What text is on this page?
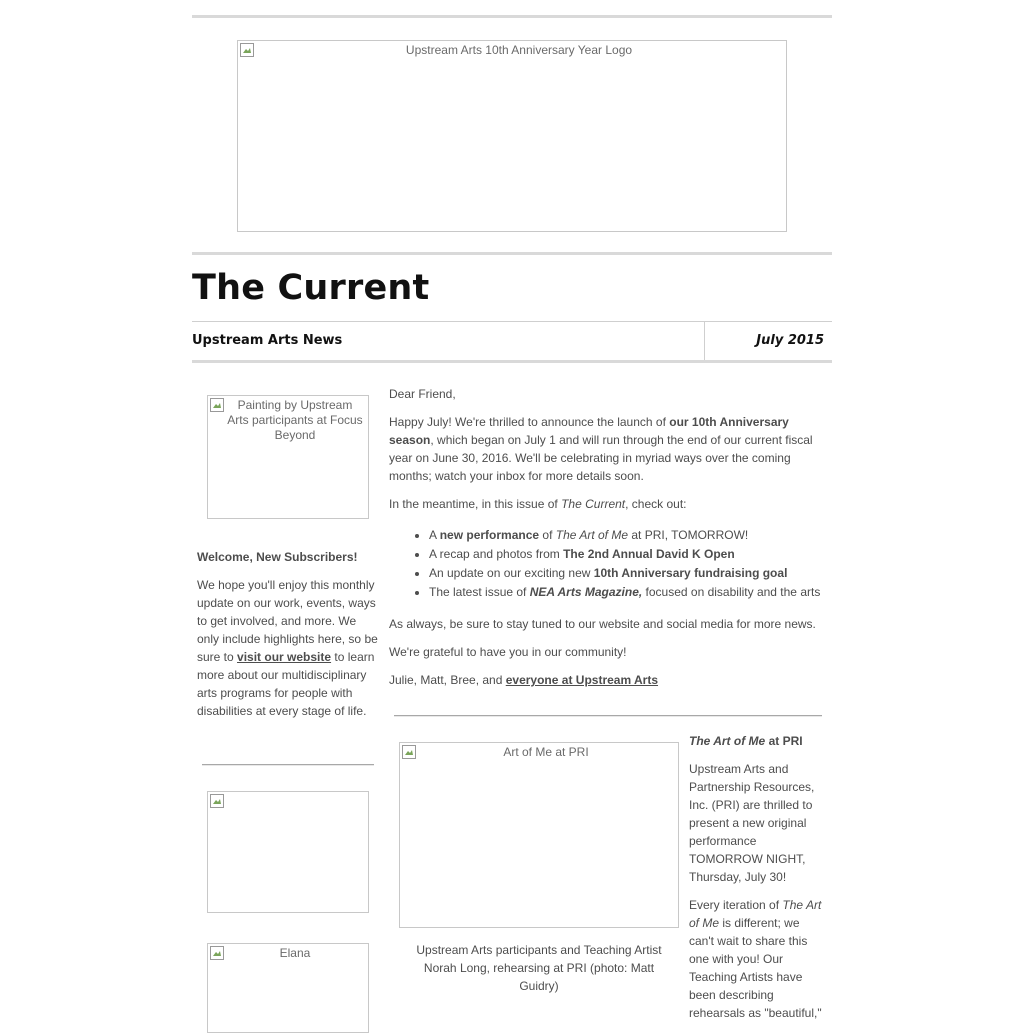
Upstream Arts 10th Anniversary Year Logo
The Current
Upstream Arts News	July 2015
Painting by Upstream Arts participants at Focus Beyond
Welcome, New Subscribers!

We hope you'll enjoy this monthly update on our work, events, ways to get involved, and more. We only include highlights here, so be sure to visit our website to learn more about our multidisciplinary arts programs for people with disabilities at every stage of life.

Elana

Dear Friend,

Happy July! We're thrilled to announce the launch of our 10th Anniversary season, which began on July 1 and will run through the end of our current fiscal year on June 30, 2016. We'll be celebrating in myriad ways over the coming months; watch your inbox for more details soon.

In the meantime, in this issue of The Current, check out:

• A new performance of The Art of Me at PRI, TOMORROW!
• A recap and photos from The 2nd Annual David K Open
• An update on our exciting new 10th Anniversary fundraising goal
• The latest issue of NEA Arts Magazine, focused on disability and the arts

As always, be sure to stay tuned to our website and social media for more news.

We're grateful to have you in our community!

Julie, Matt, Bree, and everyone at Upstream Arts

Art of Me at PRI
Upstream Arts participants and Teaching Artist Norah Long, rehearsing at PRI (photo: Matt Guidry)

The Art of Me at PRI

Upstream Arts and Partnership Resources, Inc. (PRI) are thrilled to present a new original performance TOMORROW NIGHT, Thursday, July 30!

Every iteration of The Art of Me is different; we can't wait to share this one with you! Our Teaching Artists have been describing rehearsals as "beautiful,"
